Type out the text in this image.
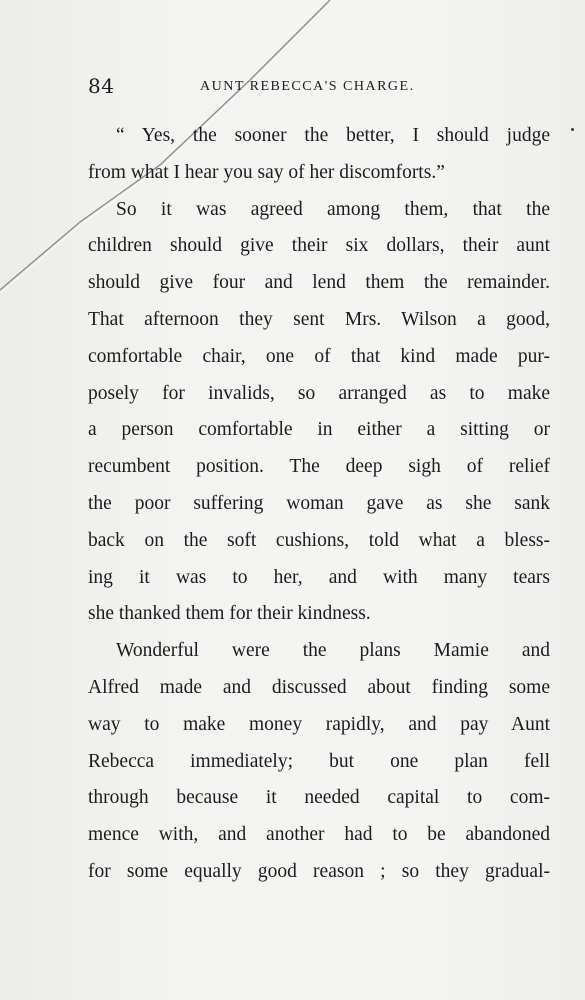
84	AUNT REBECCA'S CHARGE.
“ Yes, the sooner the better, I should judge
from what I hear you say of her discomforts.”
So it was agreed among them, that the
children should give their six dollars, their aunt
should give four and lend them the remainder.
That afternoon they sent Mrs. Wilson a good,
comfortable chair, one of that kind made pur-
posely for invalids, so arranged as to make
a person comfortable in either a sitting or
recumbent position. The deep sigh of relief
the poor suffering woman gave as she sank
back on the soft cushions, told what a bless-
ing it was to her, and with many tears
she thanked them for their kindness.
Wonderful were the plans Mamie and
Alfred made and discussed about finding some
way to make money rapidly, and pay Aunt
Rebecca immediately; but one plan fell
through because it needed capital to com-
mence with, and another had to be abandoned
for some equally good reason ; so they gradual-
